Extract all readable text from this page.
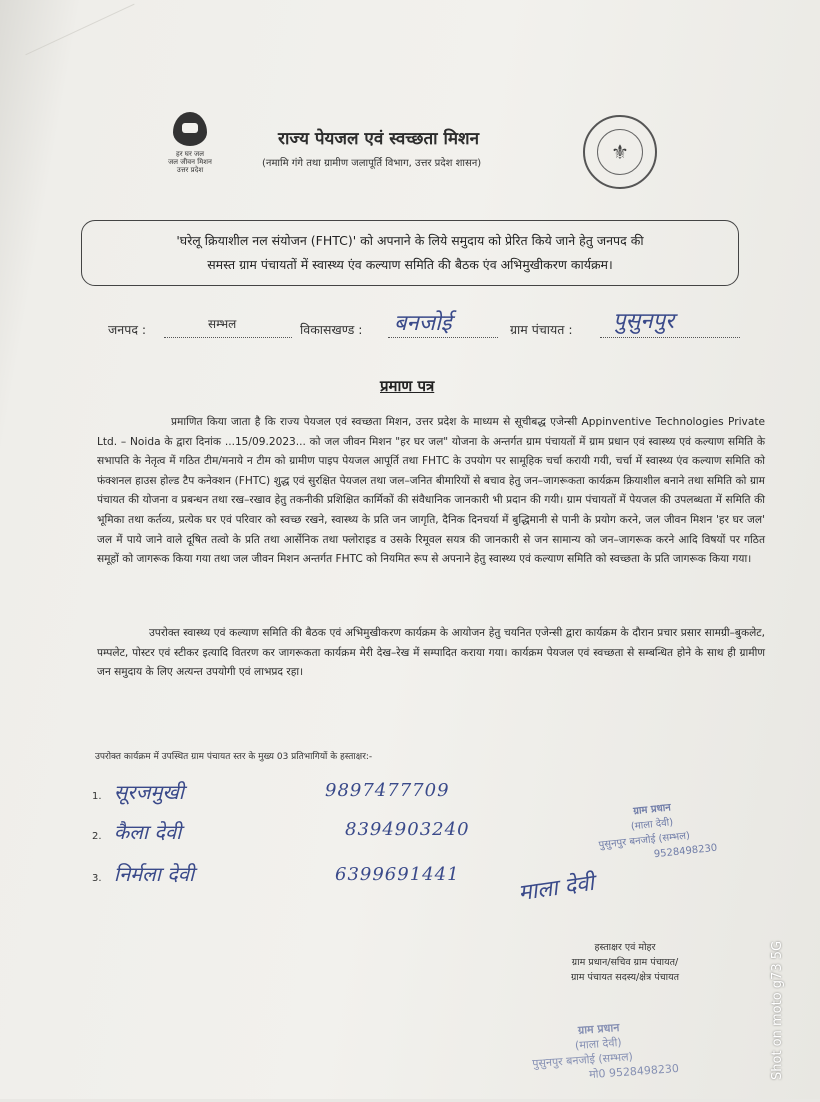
हर घर जल
जल जीवन मिशन
उत्तर प्रदेश
राज्य पेयजल एवं स्वच्छता मिशन
(नमामि गंगे तथा ग्रामीण जलापूर्ति विभाग, उत्तर प्रदेश शासन)	⚜
'घरेलू क्रियाशील नल संयोजन (FHTC)' को अपनाने के लिये समुदाय को प्रेरित किये जाने हेतु जनपद की
समस्त ग्राम पंचायतों में स्वास्थ्य एंव कल्याण समिति की बैठक एंव अभिमुखीकरण कार्यक्रम।
जनपद :	सम्भल	विकासखण्ड : बनजोई	ग्राम पंचायत : पुसुनपुर
प्रमाण पत्र
प्रमाणित किया जाता है कि राज्य पेयजल एवं स्वच्छता मिशन, उत्तर प्रदेश के माध्यम से सूचीबद्ध एजेन्सी Appinventive Technologies Private Ltd. – Noida के द्वारा दिनांक ...15/09.2023... को जल जीवन मिशन "हर घर जल" योजना के अन्तर्गत ग्राम पंचायतों में ग्राम प्रधान एवं स्वास्थ्य एवं कल्याण समिति के सभापति के नेतृत्व में गठित टीम/मनाये न टीम को ग्रामीण पाइप पेयजल आपूर्ति तथा FHTC के उपयोग पर सामूहिक चर्चा करायी गयी, चर्चा में स्वास्थ्य एंव कल्याण समिति को फंक्शनल हाउस होल्ड टैप कनेक्शन (FHTC) शुद्ध एवं सुरक्षित पेयजल तथा जल–जनित बीमारियों से बचाव हेतु जन–जागरूकता कार्यक्रम क्रियाशील बनाने तथा समिति को ग्राम पंचायत की योजना व प्रबन्धन तथा रख–रखाव हेतु तकनीकी प्रशिक्षित कार्मिकों की संवैधानिक जानकारी भी प्रदान की गयी। ग्राम पंचायतों में पेयजल की उपलब्धता में समिति की भूमिका तथा कर्तव्य, प्रत्येक घर एवं परिवार को स्वच्छ रखने, स्वास्थ्य के प्रति जन जागृति, दैनिक दिनचर्या में बुद्धिमानी से पानी के प्रयोग करने, जल जीवन मिशन 'हर घर जल' जल में पाये जाने वाले दूषित तत्वो के प्रति तथा आर्सेनिक तथा फ्लोराइड व उसके रिमूवल सयत्र की जानकारी से जन सामान्य को जन–जागरूक करने आदि विषयों पर गठित समूहों को जागरूक किया गया तथा जल जीवन मिशन अन्तर्गत FHTC को नियमित रूप से अपनाने हेतु स्वास्थ्य एवं कल्याण समिति को स्वच्छता के प्रति जागरूक किया गया।
उपरोक्त स्वास्थ्य एवं कल्याण समिति की बैठक एवं अभिमुखीकरण कार्यक्रम के आयोजन हेतु चयनित एजेन्सी द्वारा कार्यक्रम के दौरान प्रचार प्रसार सामग्री–बुकलेट, पम्पलेट, पोस्टर एवं स्टीकर इत्यादि वितरण कर जागरूकता कार्यक्रम मेरी देख–रेख में सम्पादित कराया गया। कार्यक्रम पेयजल एवं स्वच्छता से सम्बन्धित होने के साथ ही ग्रामीण जन समुदाय के लिए अत्यन्त उपयोगी एवं लाभप्रद रहा।
उपरोक्त कार्यक्रम में उपस्थित ग्राम पंचायत स्तर के मुख्य 03 प्रतिभागियों के हस्ताक्षर:-
1. सूरजमुखी	9897477709
2. कैला देवी	8394903240
3. निर्मला देवी	6399691441	माला देवी
ग्राम प्रधान
(माला देवी)
पुसुनपुर बनजोई (सम्भल)
9528498230
हस्ताक्षर एवं मोहर
ग्राम प्रधान/सचिव ग्राम पंचायत/
ग्राम पंचायत सदस्य/क्षेत्र पंचायत
ग्राम प्रधान
(माला देवी)
पुसुनपुर बनजोई (सम्भल)
मो0 9528498230	Shot on moto g73 5G
